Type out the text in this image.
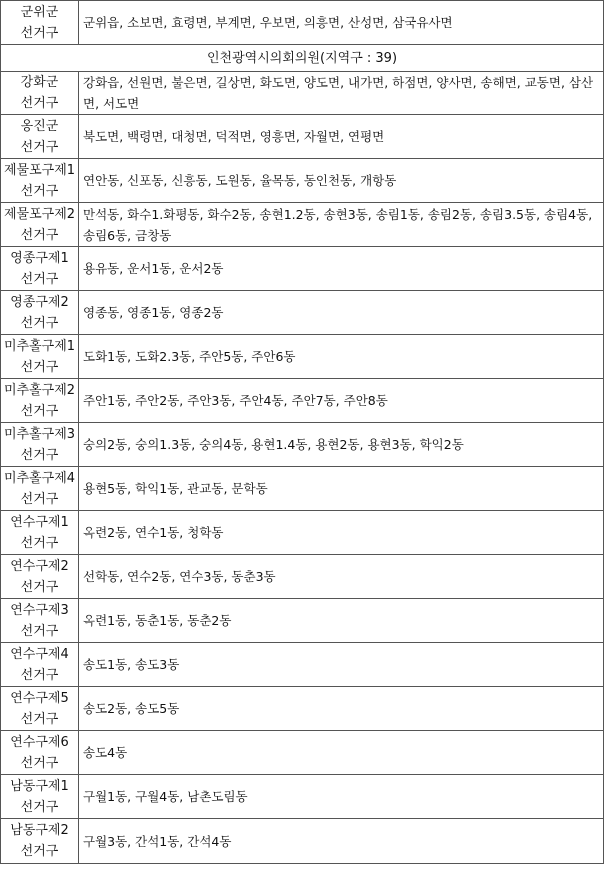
군위군
선거구	군위읍, 소보면, 효령면, 부계면, 우보면, 의흥면, 산성면, 삼국유사면
인천광역시의회의원(지역구 : 39)	
강화군
선거구	강화읍, 선원면, 불은면, 길상면, 화도면, 양도면, 내가면, 하점면, 양사면, 송해면, 교동면, 삼산면, 서도면
옹진군
선거구	북도면, 백령면, 대청면, 덕적면, 영흥면, 자월면, 연평면
제물포구제1
선거구	연안동, 신포동, 신흥동, 도원동, 율목동, 동인천동, 개항동
제물포구제2
선거구	만석동, 화수1.화평동, 화수2동, 송현1.2동, 송현3동, 송림1동, 송림2동, 송림3.5동, 송림4동, 송림6동, 금창동
영종구제1
선거구	용유동, 운서1동, 운서2동
영종구제2
선거구	영종동, 영종1동, 영종2동
미추홀구제1
선거구	도화1동, 도화2.3동, 주안5동, 주안6동
미추홀구제2
선거구	주안1동, 주안2동, 주안3동, 주안4동, 주안7동, 주안8동
미추홀구제3
선거구	숭의2동, 숭의1.3동, 숭의4동, 용현1.4동, 용현2동, 용현3동, 학익2동
미추홀구제4
선거구	용현5동, 학익1동, 관교동, 문학동
연수구제1
선거구	옥련2동, 연수1동, 청학동
연수구제2
선거구	선학동, 연수2동, 연수3동, 동춘3동
연수구제3
선거구	옥련1동, 동춘1동, 동춘2동
연수구제4
선거구	송도1동, 송도3동
연수구제5
선거구	송도2동, 송도5동
연수구제6
선거구	송도4동
남동구제1
선거구	구월1동, 구월4동, 남촌도림동
남동구제2
선거구	구월3동, 간석1동, 간석4동
